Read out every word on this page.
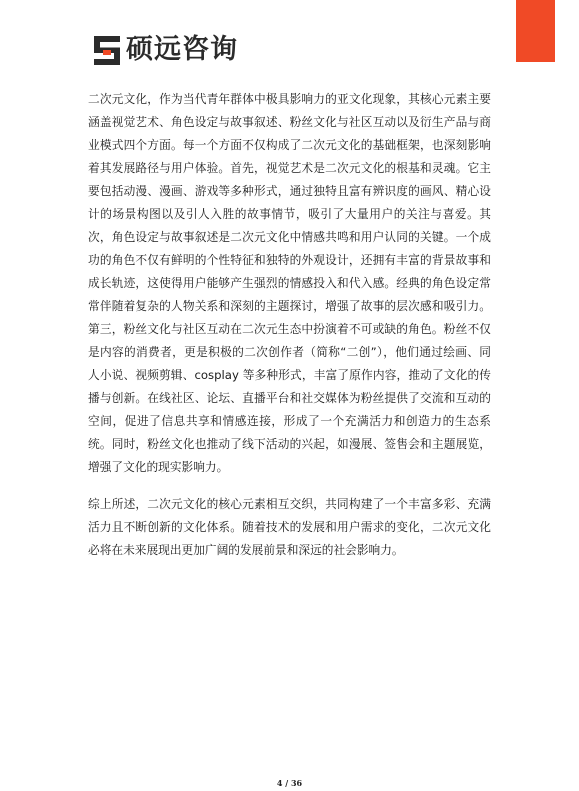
硕远咨询

二次元文化，作为当代青年群体中极具影响力的亚文化现象，其核心元素主要涵盖视觉艺术、角色设定与故事叙述、粉丝文化与社区互动以及衍生产品与商业模式四个方面。每一个方面不仅构成了二次元文化的基础框架，也深刻影响着其发展路径与用户体验。首先，视觉艺术是二次元文化的根基和灵魂。它主要包括动漫、漫画、游戏等多种形式，通过独特且富有辨识度的画风、精心设计的场景构图以及引人入胜的故事情节，吸引了大量用户的关注与喜爱。其次，角色设定与故事叙述是二次元文化中情感共鸣和用户认同的关键。一个成功的角色不仅有鲜明的个性特征和独特的外观设计，还拥有丰富的背景故事和成长轨迹，这使得用户能够产生强烈的情感投入和代入感。经典的角色设定常常伴随着复杂的人物关系和深刻的主题探讨，增强了故事的层次感和吸引力。第三，粉丝文化与社区互动在二次元生态中扮演着不可或缺的角色。粉丝不仅是内容的消费者，更是积极的二次创作者（简称“二创”），他们通过绘画、同人小说、视频剪辑、cosplay 等多种形式，丰富了原作内容，推动了文化的传播与创新。在线社区、论坛、直播平台和社交媒体为粉丝提供了交流和互动的空间，促进了信息共享和情感连接，形成了一个充满活力和创造力的生态系统。同时，粉丝文化也推动了线下活动的兴起，如漫展、签售会和主题展览，增强了文化的现实影响力。

综上所述，二次元文化的核心元素相互交织，共同构建了一个丰富多彩、充满活力且不断创新的文化体系。随着技术的发展和用户需求的变化，二次元文化必将在未来展现出更加广阔的发展前景和深远的社会影响力。

4 / 36
